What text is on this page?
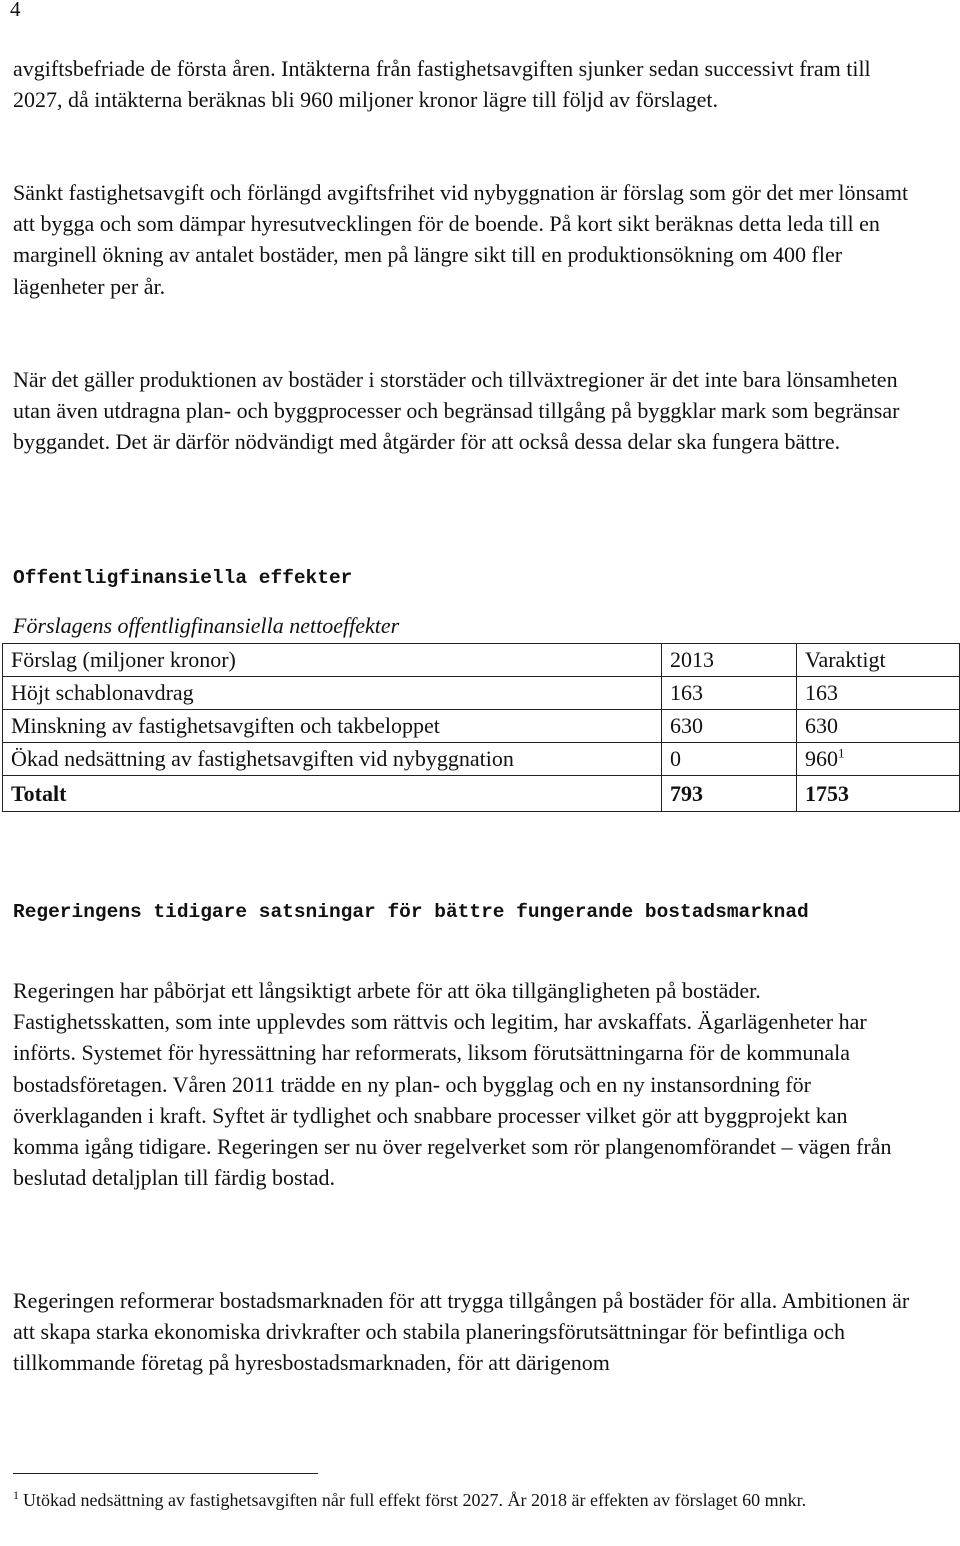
4

avgiftsbefriade de första åren. Intäkterna från fastighetsavgiften sjunker sedan successivt fram till 2027, då intäkterna beräknas bli 960 miljoner kronor lägre till följd av förslaget.

Sänkt fastighetsavgift och förlängd avgiftsfrihet vid nybyggnation är förslag som gör det mer lönsamt att bygga och som dämpar hyresutvecklingen för de boende. På kort sikt beräknas detta leda till en marginell ökning av antalet bostäder, men på längre sikt till en produktionsökning om 400 fler lägenheter per år.

När det gäller produktionen av bostäder i storstäder och tillväxtregioner är det inte bara lönsamheten utan även utdragna plan- och byggprocesser och begränsad tillgång på byggklar mark som begränsar byggandet. Det är därför nödvändigt med åtgärder för att också dessa delar ska fungera bättre.

Offentligfinansiella effekter
Förslagens offentligfinansiella nettoeffekter
Förslag (miljoner kronor)	2013	Varaktigt
Höjt schablonavdrag	163	163
Minskning av fastighetsavgiften och takbeloppet	630	630
Ökad nedsättning av fastighetsavgiften vid nybyggnation	0	960$^1$
Totalt	793	1753
Regeringens tidigare satsningar för bättre fungerande bostadsmarknad

Regeringen har påbörjat ett långsiktigt arbete för att öka tillgängligheten på bostäder. Fastighetsskatten, som inte upplevdes som rättvis och legitim, har avskaffats. Ägarlägenheter har införts. Systemet för hyressättning har reformerats, liksom förutsättningarna för de kommunala bostadsföretagen. Våren 2011 trädde en ny plan- och bygglag och en ny instansordning för överklaganden i kraft. Syftet är tydlighet och snabbare processer vilket gör att byggprojekt kan komma igång tidigare. Regeringen ser nu över regelverket som rör plangenomförandet – vägen från beslutad detaljplan till färdig bostad.

Regeringen reformerar bostadsmarknaden för att trygga tillgången på bostäder för alla. Ambitionen är att skapa starka ekonomiska drivkrafter och stabila planeringsförutsättningar för befintliga och tillkommande företag på hyresbostadsmarknaden, för att därigenom

$^1$ Utökad nedsättning av fastighetsavgiften når full effekt först 2027. År 2018 är effekten av förslaget 60 mnkr.
